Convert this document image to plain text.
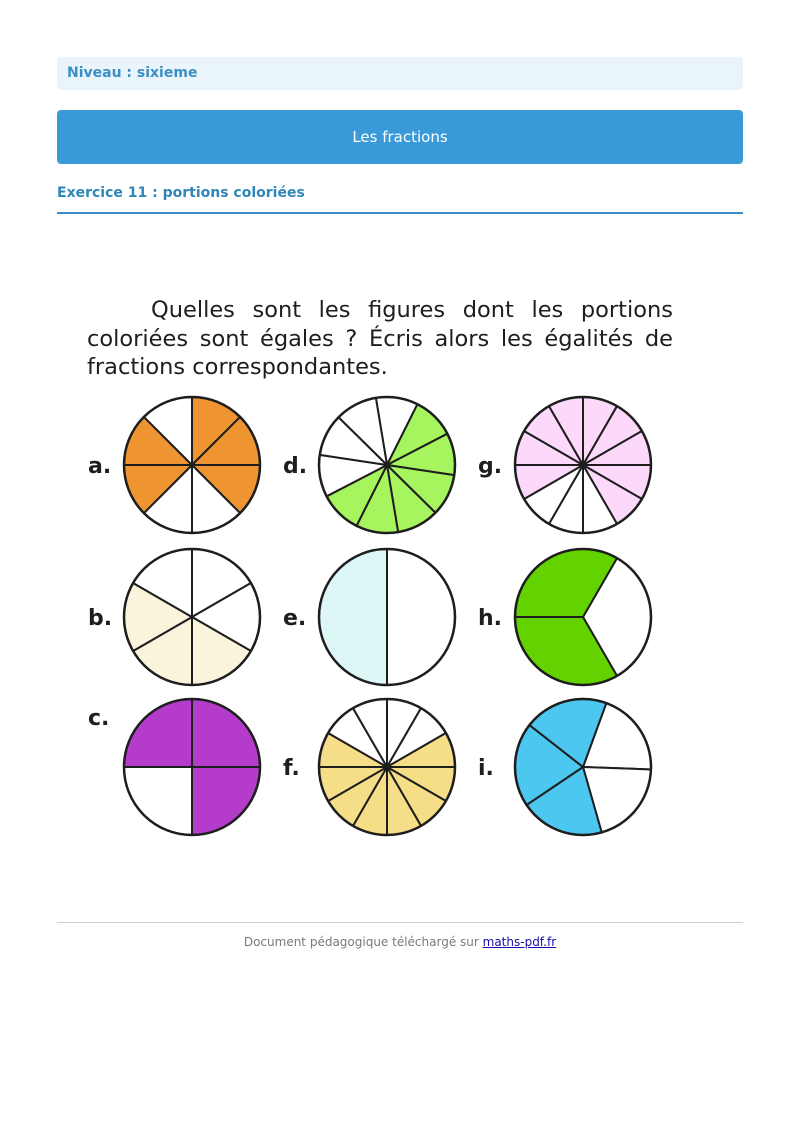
Niveau : sixieme
Les fractions
Exercice 11 : portions coloriées

Quelles sont les figures dont les portions coloriées sont égales ? Écris alors les égalités de fractions correspondantes.

a.
b.
c.
d.
e.
f.
g.
h.
i.
Document pédagogique téléchargé sur maths-pdf.fr
